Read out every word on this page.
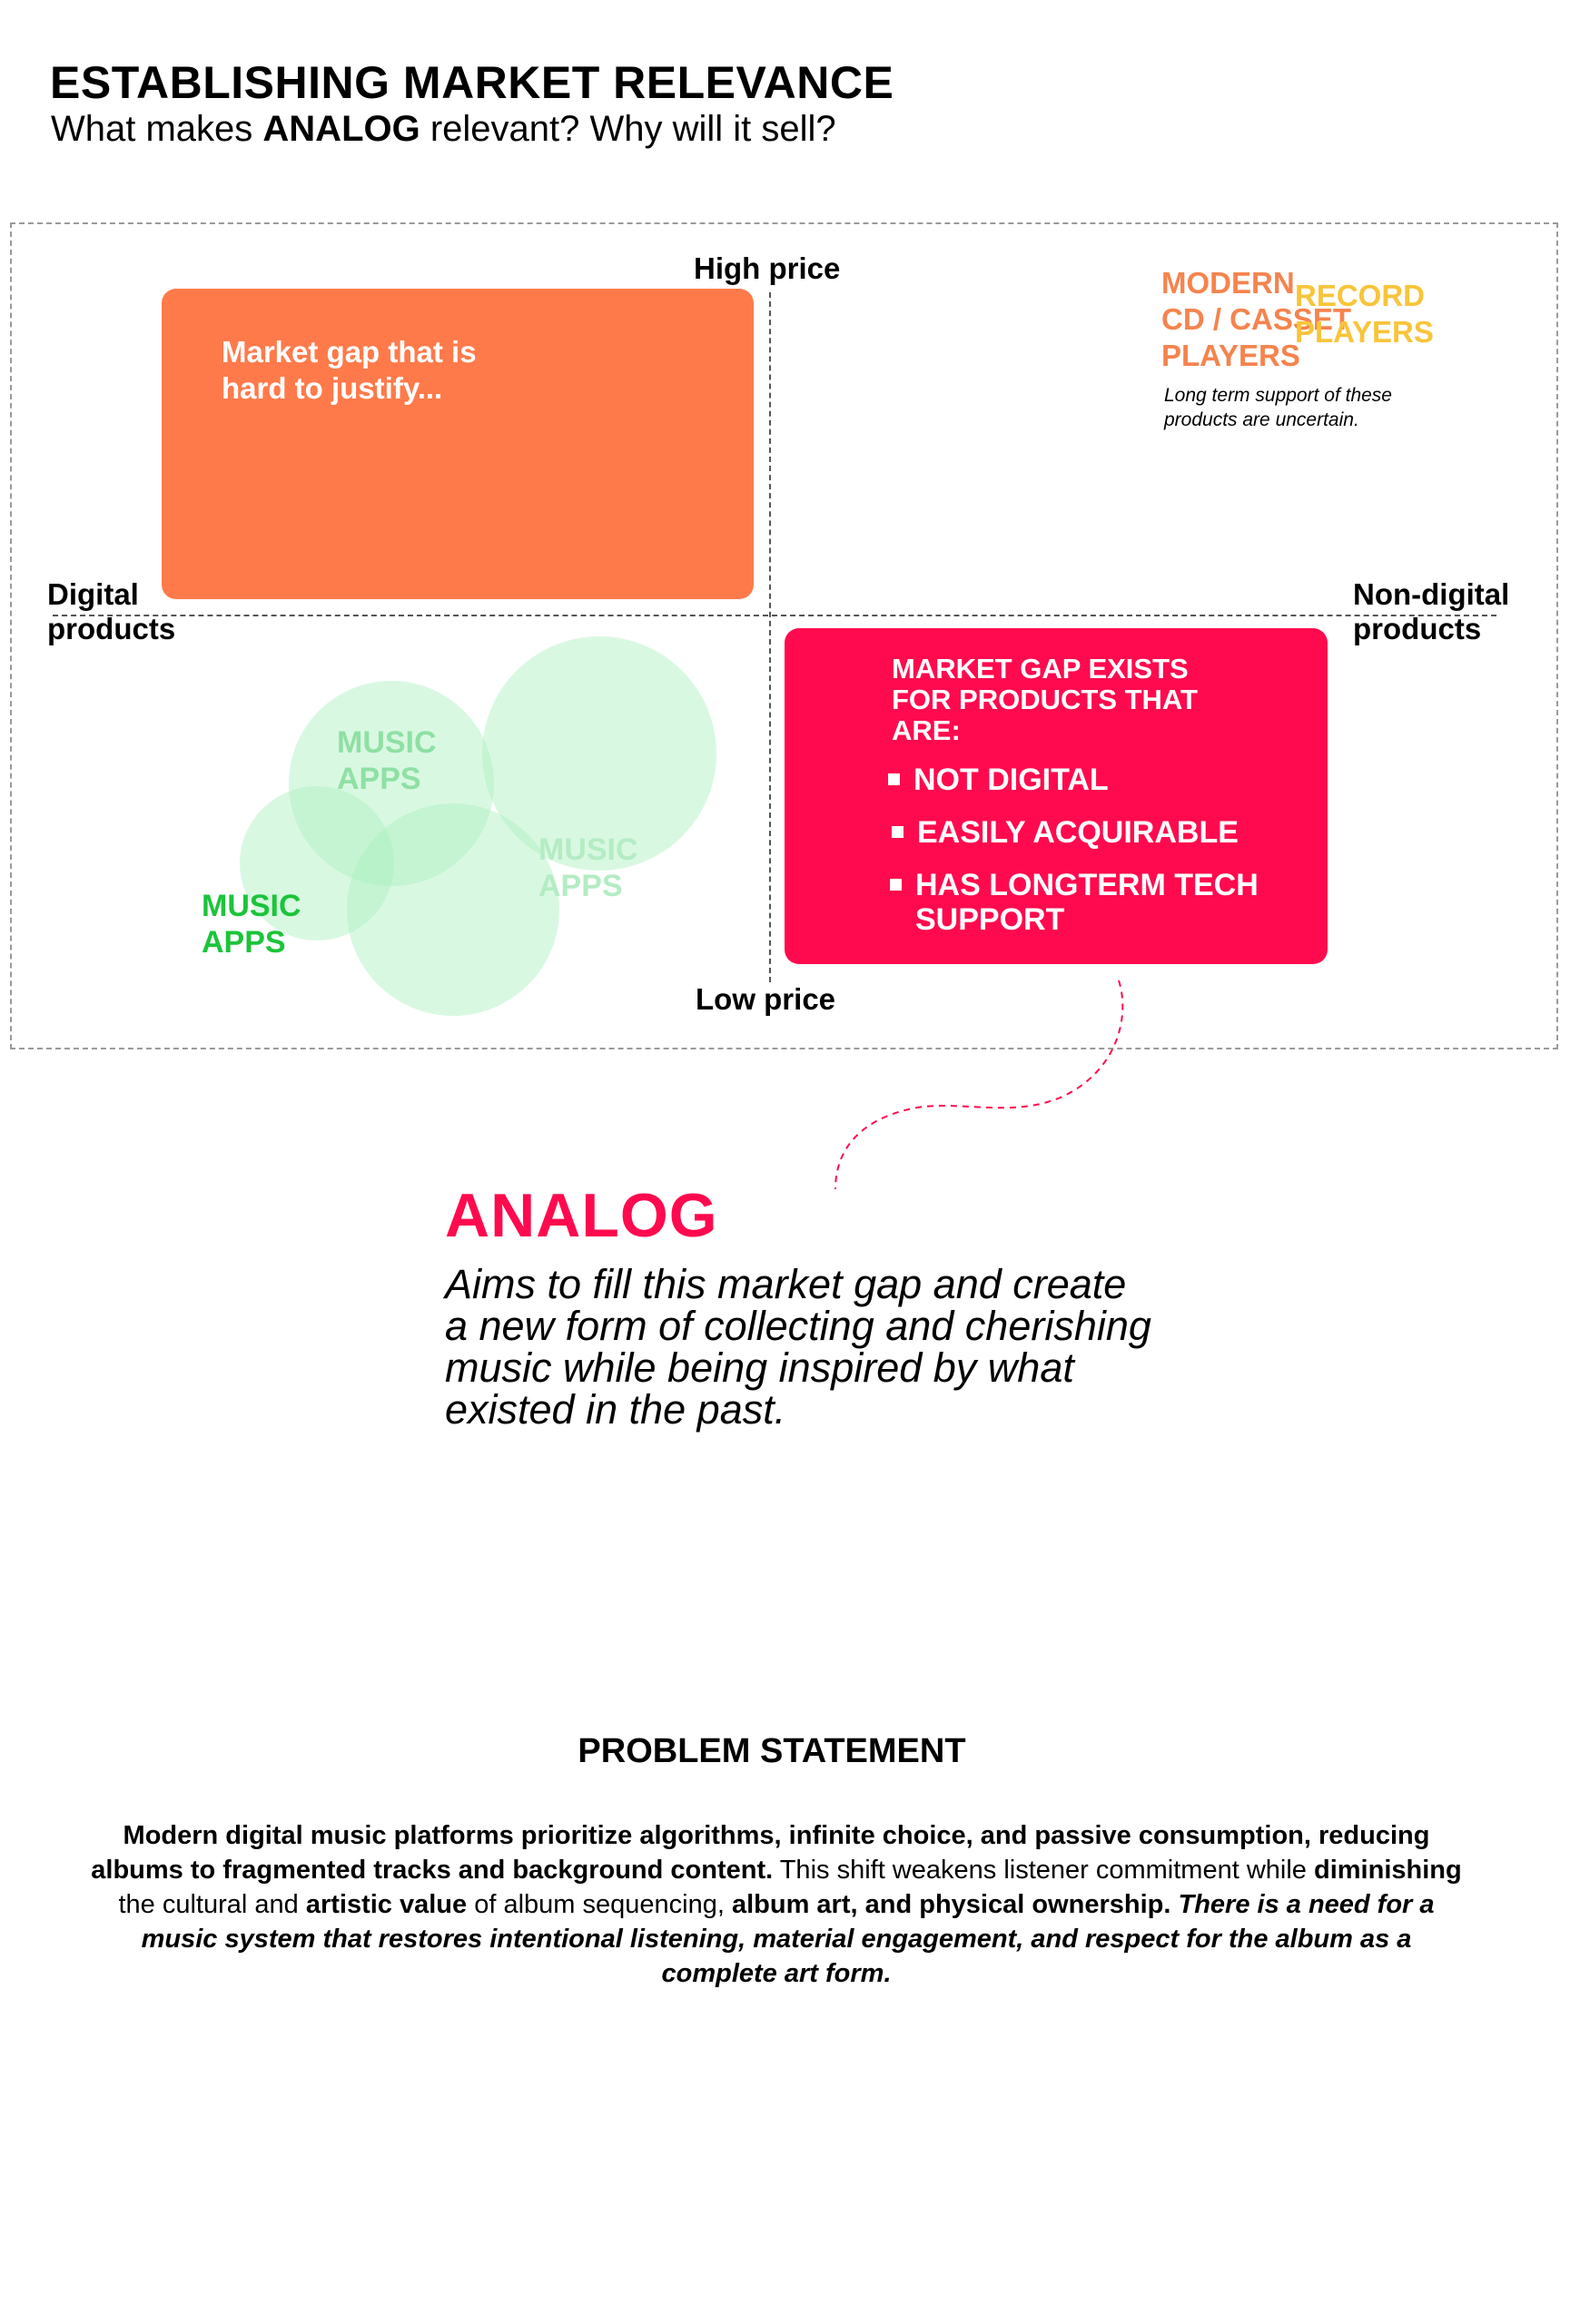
ESTABLISHING MARKET RELEVANCE
What makes ANALOG relevant? Why will it sell?
Market gap that is
hard to justify...
MUSIC
APPS
MUSIC
APPS
MUSIC
APPS
MARKET GAP EXISTS
FOR PRODUCTS THAT
ARE:
NOT DIGITAL
EASILY ACQUIRABLE
HAS LONGTERM TECH
SUPPORT
MODERN
CD / CASSET
PLAYERS
RECORD
PLAYERS
Long term support of these
products are uncertain.
High price
Low price
Digital
products
Non-digital
products
ANALOG
Aims to fill this market gap and create
a new form of collecting and cherishing
music while being inspired by what
existed in the past.
PROBLEM STATEMENT
Modern digital music platforms prioritize algorithms, infinite choice, and passive consumption, reducing albums to fragmented tracks and background content. This shift weakens listener commitment while diminishing the cultural and artistic value of album sequencing, album art, and physical ownership. There is a need for a music system that restores intentional listening, material engagement, and respect for the album as a complete art form.
